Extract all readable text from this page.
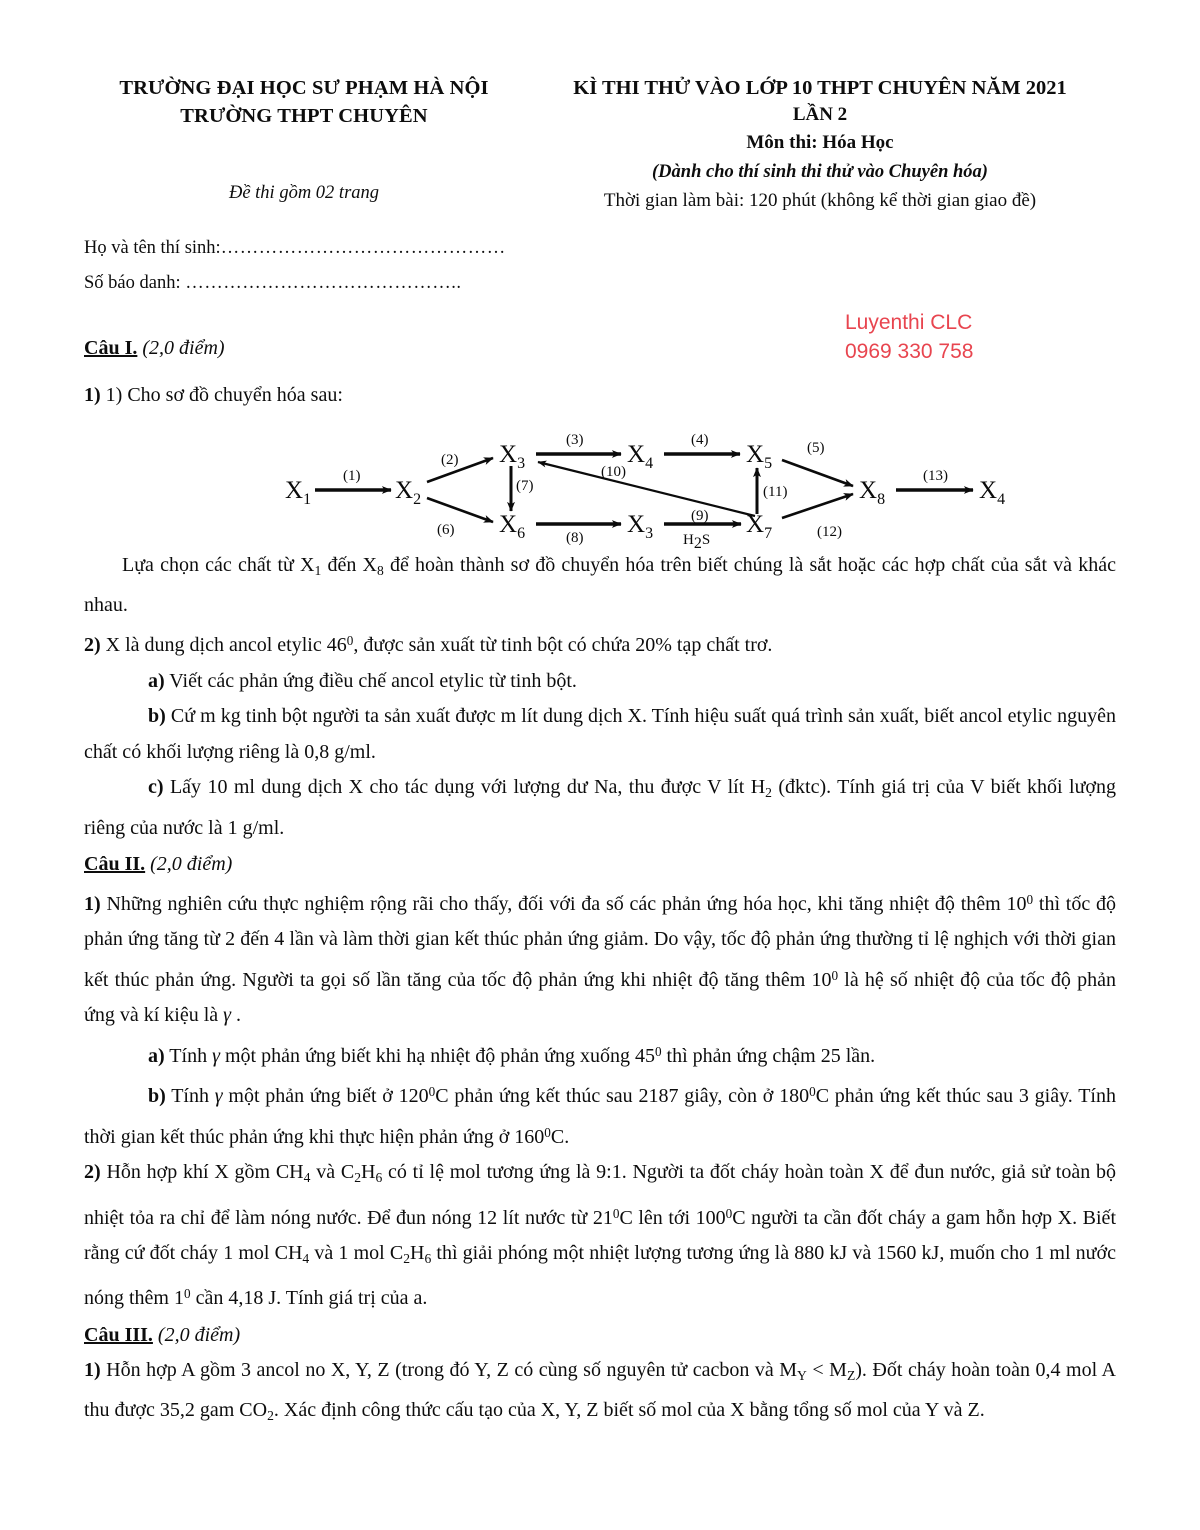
TRƯỜNG ĐẠI HỌC SƯ PHẠM HÀ NỘI
TRƯỜNG THPT CHUYÊN
KÌ THI THỬ VÀO LỚP 10 THPT CHUYÊN NĂM 2021
LẦN 2
Môn thi: Hóa Học
(Dành cho thí sinh thi thử vào Chuyên hóa)
Thời gian làm bài: 120 phút (không kể thời gian giao đề)
Đề thi gồm 02 trang
Họ và tên thí sinh:………………………………………
Số báo danh: ……………………………………..
Luyenthi CLC
0969 330 758

Câu I. (2,0 điểm)

1) 1) Cho sơ đồ chuyển hóa sau:

Lựa chọn các chất từ $X_1$ đến $X_8$ để hoàn thành sơ đồ chuyển hóa trên biết chúng là sắt hoặc các hợp chất của sắt và khác nhau.

2) X là dung dịch ancol etylic $46^0$, được sản xuất từ tinh bột có chứa 20% tạp chất trơ.

a) Viết các phản ứng điều chế ancol etylic từ tinh bột.

b) Cứ m kg tinh bột người ta sản xuất được m lít dung dịch X. Tính hiệu suất quá trình sản xuất, biết ancol etylic nguyên chất có khối lượng riêng là 0,8 g/ml.

c) Lấy 10 ml dung dịch X cho tác dụng với lượng dư Na, thu được V lít $H_2$ (đktc). Tính giá trị của V biết khối lượng riêng của nước là 1 g/ml.

Câu II. (2,0 điểm)

1) Những nghiên cứu thực nghiệm rộng rãi cho thấy, đối với đa số các phản ứng hóa học, khi tăng nhiệt độ thêm $10^0$ thì tốc độ phản ứng tăng từ 2 đến 4 lần và làm thời gian kết thúc phản ứng giảm. Do vậy, tốc độ phản ứng thường tỉ lệ nghịch với thời gian kết thúc phản ứng. Người ta gọi số lần tăng của tốc độ phản ứng khi nhiệt độ tăng thêm $10^0$ là hệ số nhiệt độ của tốc độ phản ứng và kí kiệu là γ .

a) Tính γ một phản ứng biết khi hạ nhiệt độ phản ứng xuống $45^0$ thì phản ứng chậm 25 lần.

b) Tính γ một phản ứng biết ở $120^0C$ phản ứng kết thúc sau 2187 giây, còn ở $180^0C$ phản ứng kết thúc sau 3 giây. Tính thời gian kết thúc phản ứng khi thực hiện phản ứng ở $160^0C$.

2) Hỗn hợp khí X gồm $CH_4$ và $C_2H_6$ có tỉ lệ mol tương ứng là 9:1. Người ta đốt cháy hoàn toàn X để đun nước, giả sử toàn bộ nhiệt tỏa ra chỉ để làm nóng nước. Để đun nóng 12 lít nước từ $21^0C$ lên tới $100^0C$ người ta cần đốt cháy a gam hỗn hợp X. Biết rằng cứ đốt cháy 1 mol $CH_4$ và 1 mol $C_2H_6$ thì giải phóng một nhiệt lượng tương ứng là 880 kJ và 1560 kJ, muốn cho 1 ml nước nóng thêm $1^0$ cần 4,18 J. Tính giá trị của a.

Câu III. (2,0 điểm)

1) Hỗn hợp A gồm 3 ancol no X, Y, Z (trong đó Y, Z có cùng số nguyên tử cacbon và $M_Y < M_Z$). Đốt cháy hoàn toàn 0,4 mol A thu được 35,2 gam $CO_2$. Xác định công thức cấu tạo của X, Y, Z biết số mol của X bằng tổng số mol của Y và Z.

$X_1$	$X_2$
$X_3$	$X_4$	$X_5$
$X_6$	$X_3$	$X_7$
$X_8$	$X_4$
(1)
(2)
(3)	(4)	(5)
(6)
(7)
(8)
(9)
(10)
(11)
(12)
(13)
H2S
